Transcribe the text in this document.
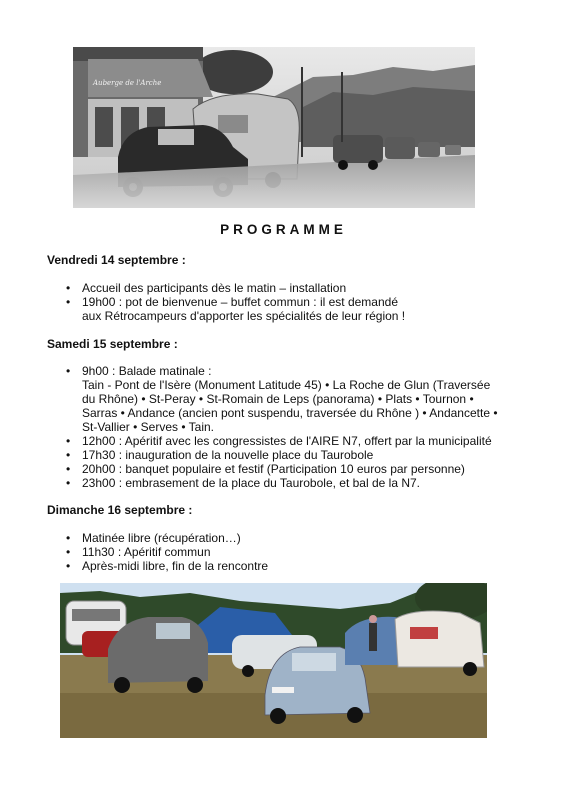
Auberge de l'Arche
PROGRAMME

Vendredi 14 septembre :

• Accueil des participants dès le matin – installation
• 19h00 : pot de bienvenue – buffet commun : il est demandé aux Rétrocampeurs d'apporter les spécialités de leur région !

Samedi 15 septembre :

• 9h00 : Balade matinale :
Tain - Pont de l'Isère (Monument Latitude 45) • La Roche de Glun (Traversée du Rhône) • St-Peray • St-Romain de Leps (panorama) • Plats • Tournon • Sarras • Andance (ancien pont suspendu, traversée du Rhône ) • Andancette • St-Vallier • Serves • Tain.
• 12h00 : Apéritif avec les congressistes de l'AIRE N7, offert par la municipalité
• 17h30 : inauguration de la nouvelle place du Taurobole
• 20h00 : banquet populaire et festif (Participation 10 euros par personne)
• 23h00 : embrasement de la place du Taurobole, et bal de la N7.

Dimanche 16 septembre :

• Matinée libre (récupération…)
• 11h30 : Apéritif commun
• Après-midi libre, fin de la rencontre
